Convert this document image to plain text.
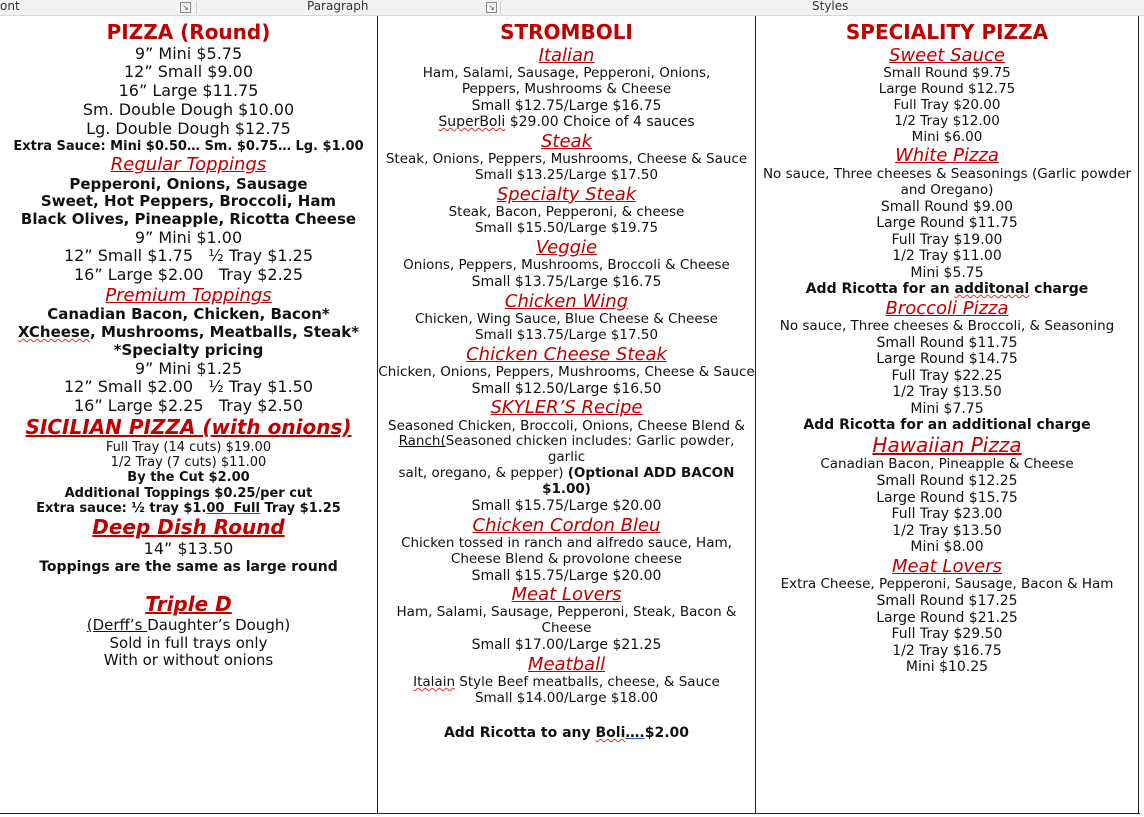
ont	↘	Paragraph	↘	Styles
PIZZA (Round)
9” Mini $5.75
12” Small $9.00
16” Large $11.75
Sm. Double Dough $10.00
Lg. Double Dough $12.75
Extra Sauce: Mini $0.50… Sm. $0.75… Lg. $1.00
Regular Toppings
Pepperoni, Onions, Sausage
Sweet, Hot Peppers, Broccoli, Ham
Black Olives, Pineapple, Ricotta Cheese
9” Mini $1.00
12” Small $1.75   ½ Tray $1.25
16” Large $2.00   Tray $2.25
Premium Toppings
Canadian Bacon, Chicken, Bacon*
XCheese, Mushrooms, Meatballs, Steak*
*Specialty pricing
9” Mini $1.25
12” Small $2.00   ½ Tray $1.50
16” Large $2.25   Tray $2.50
SICILIAN PIZZA (with onions)
Full Tray (14 cuts) $19.00
1/2 Tray (7 cuts) $11.00
By the Cut $2.00
Additional Toppings $0.25/per cut
Extra sauce: ½ tray $1.00  Full Tray $1.25
Deep Dish Round
14” $13.50
Toppings are the same as large round
Triple D
(Derff’s Daughter’s Dough)
Sold in full trays only
With or without onions
STROMBOLI
Italian
Ham, Salami, Sausage, Pepperoni, Onions, Peppers, Mushrooms & Cheese
Small $12.75/Large $16.75
SuperBoli $29.00 Choice of 4 sauces
Steak
Steak, Onions, Peppers, Mushrooms, Cheese & Sauce
Small $13.25/Large $17.50
Specialty Steak
Steak, Bacon, Pepperoni, & cheese
Small $15.50/Large $19.75
Veggie
Onions, Peppers, Mushrooms, Broccoli & Cheese
Small $13.75/Large $16.75
Chicken Wing
Chicken, Wing Sauce, Blue Cheese & Cheese
Small $13.75/Large $17.50
Chicken Cheese Steak
Chicken, Onions, Peppers, Mushrooms, Cheese & Sauce
Small $12.50/Large $16.50
SKYLER’S Recipe
Seasoned Chicken, Broccoli, Onions, Cheese Blend &
Ranch(Seasoned chicken includes: Garlic powder, garlic
salt, oregano, & pepper) (Optional ADD BACON $1.00)
Small $15.75/Large $20.00
Chicken Cordon Bleu
Chicken tossed in ranch and alfredo sauce, Ham, Cheese Blend & provolone cheese
Small $15.75/Large $20.00
Meat Lovers
Ham, Salami, Sausage, Pepperoni, Steak, Bacon & Cheese
Small $17.00/Large $21.25
Meatball
Italain Style Beef meatballs, cheese, & Sauce
Small $14.00/Large $18.00
Add Ricotta to any Boli….$2.00
SPECIALITY PIZZA
Sweet Sauce
Small Round $9.75
Large Round $12.75
Full Tray $20.00
1/2 Tray $12.00
Mini $6.00
White Pizza
No sauce, Three cheeses & Seasonings (Garlic powder and Oregano)
Small Round $9.00
Large Round $11.75
Full Tray $19.00
1/2 Tray $11.00
Mini $5.75
Add Ricotta for an additonal charge
Broccoli Pizza
No sauce, Three cheeses & Broccoli, & Seasoning
Small Round $11.75
Large Round $14.75
Full Tray $22.25
1/2 Tray $13.50
Mini $7.75
Add Ricotta for an additional charge
Hawaiian Pizza
Canadian Bacon, Pineapple & Cheese
Small Round $12.25
Large Round $15.75
Full Tray $23.00
1/2 Tray $13.50
Mini $8.00
Meat Lovers
Extra Cheese, Pepperoni, Sausage, Bacon & Ham
Small Round $17.25
Large Round $21.25
Full Tray $29.50
1/2 Tray $16.75
Mini $10.25
